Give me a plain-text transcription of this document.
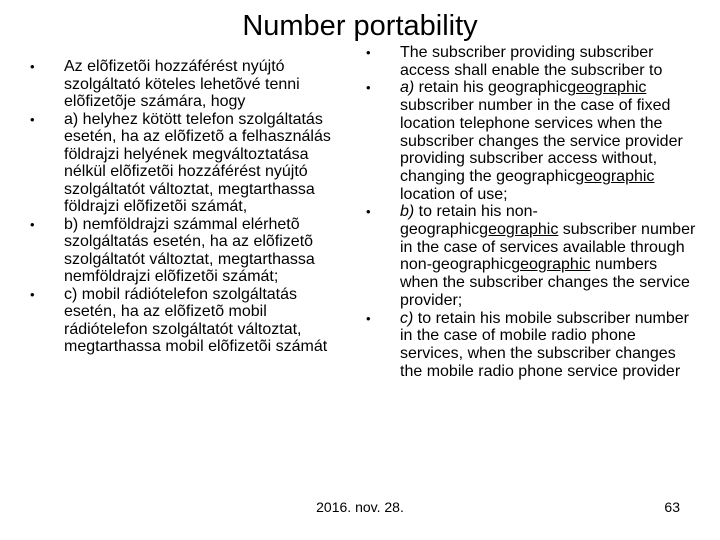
Number portability
• Az elõfizetõi hozzáférést nyújtó szolgáltató köteles lehetõvé tenni elõfizetõje számára, hogy
• a) helyhez kötött telefon szolgáltatás esetén, ha az elõfizetõ a felhasználás földrajzi helyének megváltoztatása nélkül elõfizetõi hozzáférést nyújtó szolgáltatót változtat, megtarthassa földrajzi elõfizetõi számát,
• b) nemföldrajzi számmal elérhetõ szolgáltatás esetén, ha az elõfizetõ szolgáltatót változtat, megtarthassa nemföldrajzi elõfizetõi számát;
• c) mobil rádiótelefon szolgáltatás esetén, ha az elõfizetõ mobil rádiótelefon szolgáltatót változtat, megtarthassa mobil elõfizetõi számát
• The subscriber providing subscriber access shall enable the subscriber to
• a) retain his geographicgeographic subscriber number in the case of fixed location telephone services when the subscriber changes the service provider providing subscriber access without, changing the geographicgeographic location of use;
• b) to retain his non-geographicgeographic subscriber number in the case of services available through non-geographicgeographic numbers when the subscriber changes the service provider;
• c) to retain his mobile subscriber number in the case of mobile radio phone services, when the subscriber changes the mobile radio phone service provider
2016. nov. 28.	63
